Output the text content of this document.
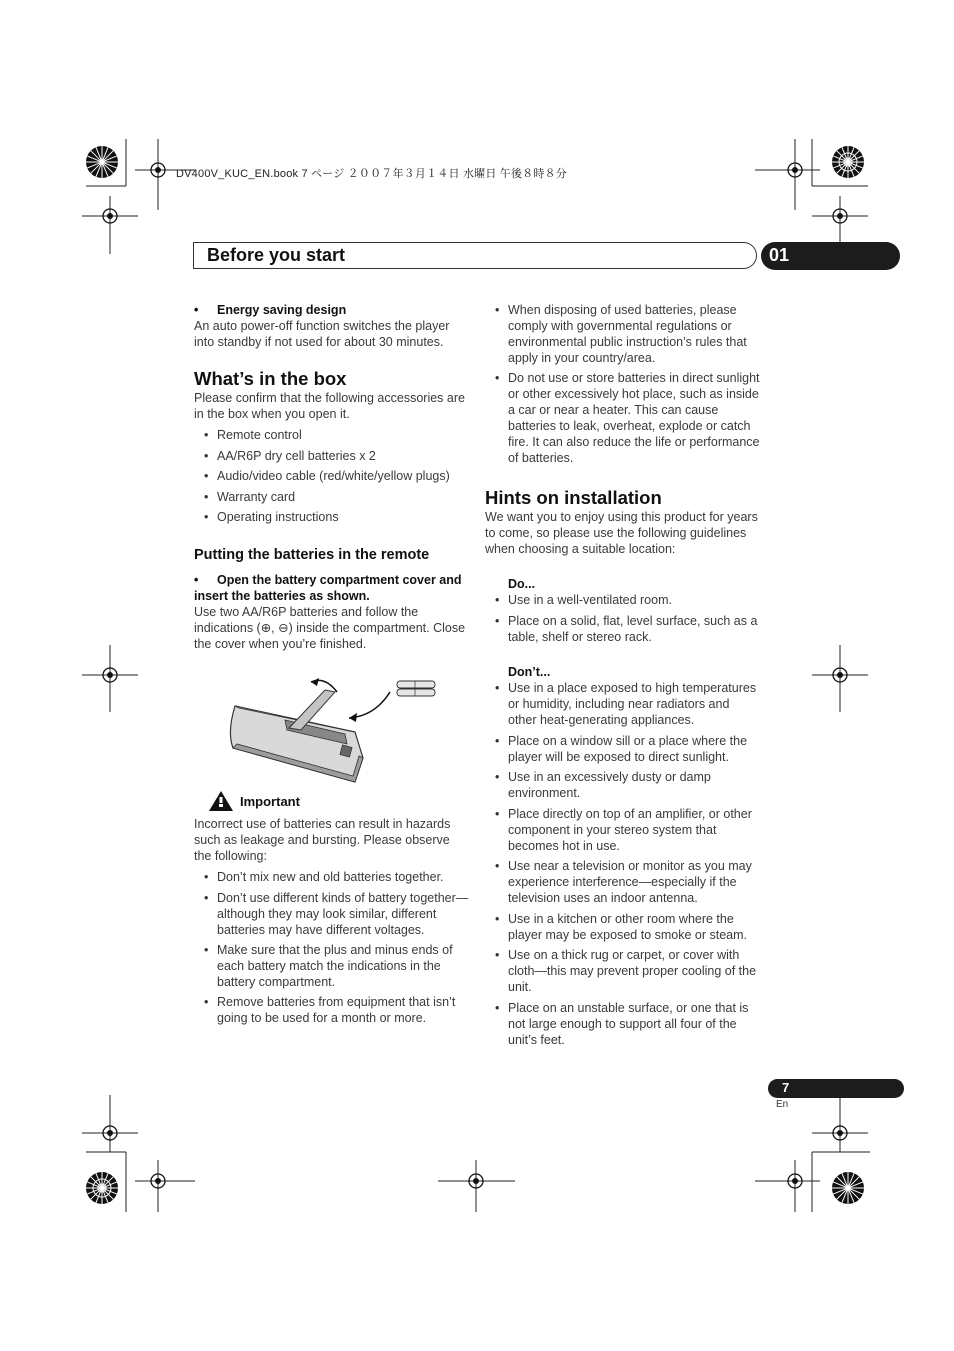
DV400V_KUC_EN.book 7 ページ ２００７年３月１４日 水曜日 午後８時８分
Before you start	01
• Energy saving design

An auto power-off function switches the player into standby if not used for about 30 minutes.

What’s in the box

Please confirm that the following accessories are in the box when you open it.

• Remote control
• AA/R6P dry cell batteries x 2
• Audio/video cable (red/white/yellow plugs)
• Warranty card
• Operating instructions
Putting the batteries in the remote
• Open the battery compartment cover and insert the batteries as shown.

Use two AA/R6P batteries and follow the indications (⊕, ⊖) inside the compartment. Close the cover when you’re finished.

Important

Incorrect use of batteries can result in hazards such as leakage and bursting. Please observe the following:

• Don’t mix new and old batteries together.
• Don’t use different kinds of battery together—although they may look similar, different batteries may have different voltages.
• Make sure that the plus and minus ends of each battery match the indications in the battery compartment.
• Remove batteries from equipment that isn’t going to be used for a month or more.
• When disposing of used batteries, please comply with governmental regulations or environmental public instruction’s rules that apply in your country/area.
• Do not use or store batteries in direct sunlight or other excessively hot place, such as inside a car or near a heater. This can cause batteries to leak, overheat, explode or catch fire. It can also reduce the life or performance of batteries.
Hints on installation

We want you to enjoy using this product for years to come, so please use the following guidelines when choosing a suitable location:

Do...
• Use in a well-ventilated room.
• Place on a solid, flat, level surface, such as a table, shelf or stereo rack.
Don’t...
• Use in a place exposed to high temperatures or humidity, including near radiators and other heat-generating appliances.
• Place on a window sill or a place where the player will be exposed to direct sunlight.
• Use in an excessively dusty or damp environment.
• Place directly on top of an amplifier, or other component in your stereo system that becomes hot in use.
• Use near a television or monitor as you may experience interference—especially if the television uses an indoor antenna.
• Use in a kitchen or other room where the player may be exposed to smoke or steam.
• Use on a thick rug or carpet, or cover with cloth—this may prevent proper cooling of the unit.
• Place on an unstable surface, or one that is not large enough to support all four of the unit’s feet.
7
En
